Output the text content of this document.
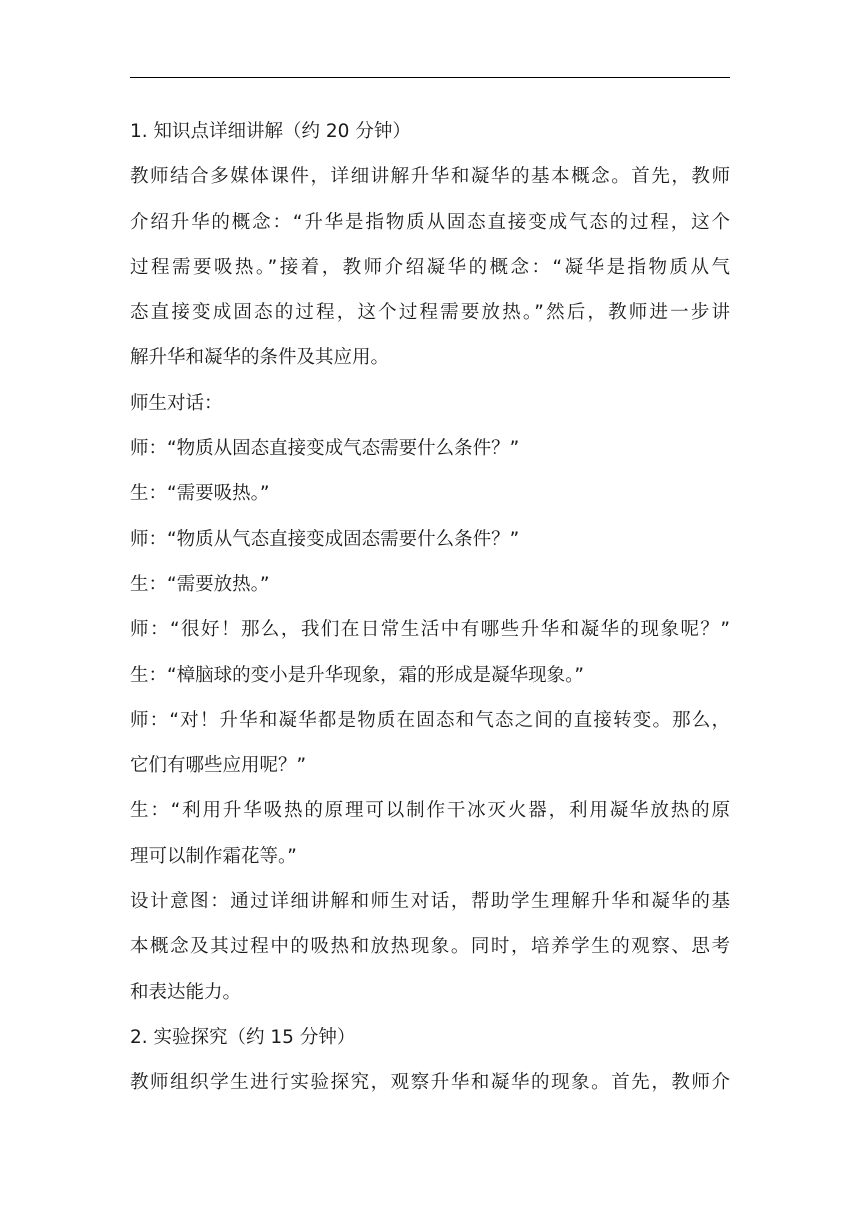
1. 知识点详细讲解（约 20 分钟）
教师结合多媒体课件，详细讲解升华和凝华的基本概念。首先，教师
介绍升华的概念：“升华是指物质从固态直接变成气态的过程，这个
过程需要吸热。”接着，教师介绍凝华的概念：“凝华是指物质从气
态直接变成固态的过程，这个过程需要放热。”然后，教师进一步讲
解升华和凝华的条件及其应用。
师生对话：
师：“物质从固态直接变成气态需要什么条件？”
生：“需要吸热。”
师：“物质从气态直接变成固态需要什么条件？”
生：“需要放热。”
师：“很好！那么，我们在日常生活中有哪些升华和凝华的现象呢？”
生：“樟脑球的变小是升华现象，霜的形成是凝华现象。”
师：“对！升华和凝华都是物质在固态和气态之间的直接转变。那么，
它们有哪些应用呢？”
生：“利用升华吸热的原理可以制作干冰灭火器，利用凝华放热的原
理可以制作霜花等。”
设计意图：通过详细讲解和师生对话，帮助学生理解升华和凝华的基
本概念及其过程中的吸热和放热现象。同时，培养学生的观察、思考
和表达能力。
2. 实验探究（约 15 分钟）
教师组织学生进行实验探究，观察升华和凝华的现象。首先，教师介
